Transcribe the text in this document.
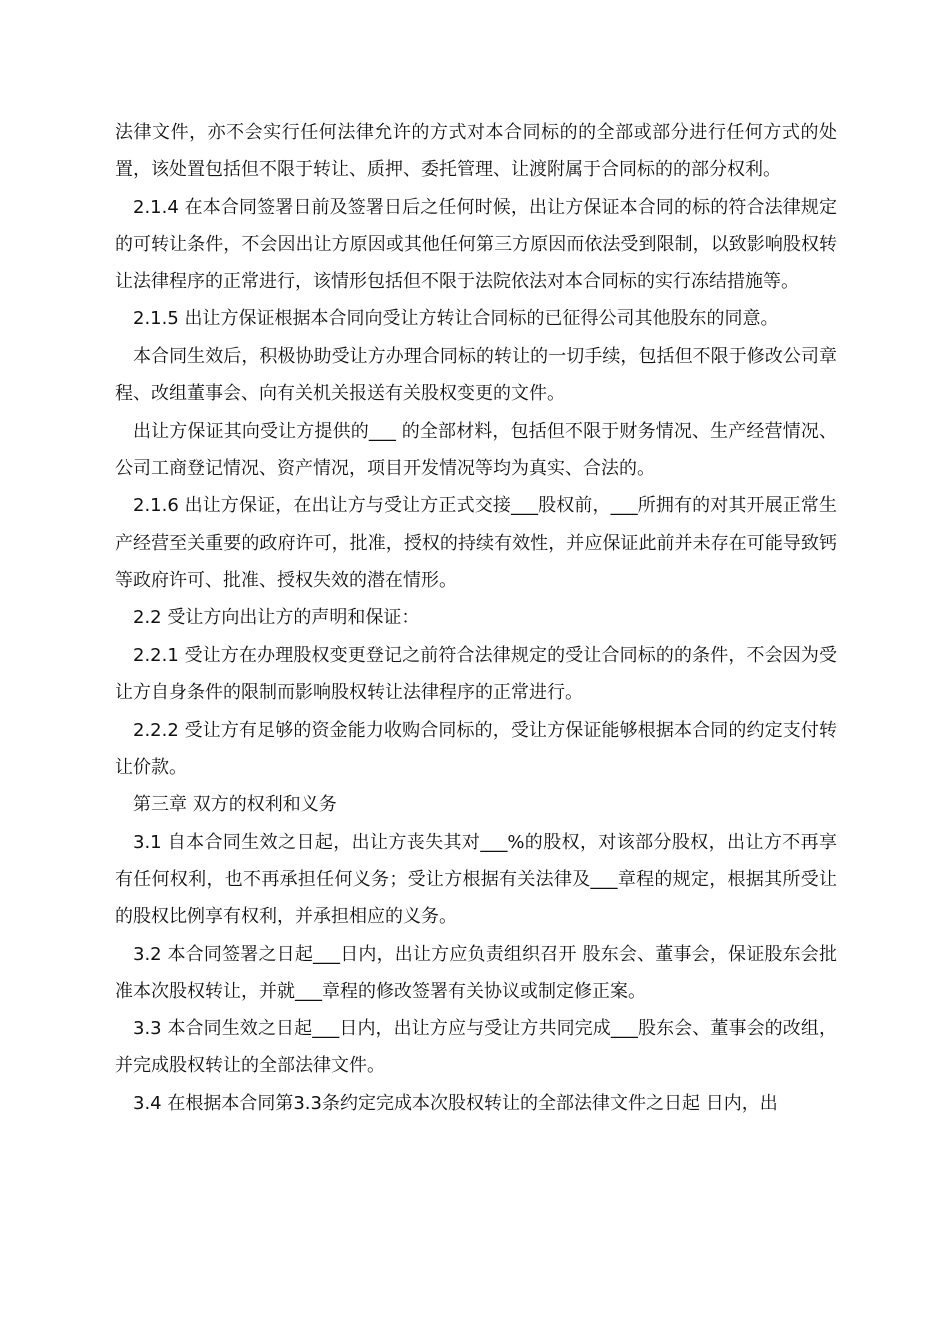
法律文件，亦不会实行任何法律允许的方式对本合同标的的全部或部分进行任何方式的处置，该处置包括但不限于转让、质押、委托管理、让渡附属于合同标的的部分权利。

2.1.4 在本合同签署日前及签署日后之任何时候，出让方保证本合同的标的符合法律规定的可转让条件，不会因出让方原因或其他任何第三方原因而依法受到限制，以致影响股权转让法律程序的正常进行，该情形包括但不限于法院依法对本合同标的实行冻结措施等。

2.1.5 出让方保证根据本合同向受让方转让合同标的已征得公司其他股东的同意。

本合同生效后，积极协助受让方办理合同标的转让的一切手续，包括但不限于修改公司章程、改组董事会、向有关机关报送有关股权变更的文件。

出让方保证其向受让方提供的___ 的全部材料，包括但不限于财务情况、生产经营情况、公司工商登记情况、资产情况，项目开发情况等均为真实、合法的。

2.1.6 出让方保证，在出让方与受让方正式交接___股权前，___所拥有的对其开展正常生产经营至关重要的政府许可，批准，授权的持续有效性，并应保证此前并未存在可能导致钙等政府许可、批准、授权失效的潜在情形。

2.2 受让方向出让方的声明和保证：

2.2.1 受让方在办理股权变更登记之前符合法律规定的受让合同标的的条件，不会因为受让方自身条件的限制而影响股权转让法律程序的正常进行。

2.2.2 受让方有足够的资金能力收购合同标的，受让方保证能够根据本合同的约定支付转让价款。

第三章 双方的权利和义务

3.1 自本合同生效之日起，出让方丧失其对___%的股权，对该部分股权，出让方不再享有任何权利，也不再承担任何义务；受让方根据有关法律及___章程的规定，根据其所受让的股权比例享有权利，并承担相应的义务。

3.2 本合同签署之日起___日内，出让方应负责组织召开 股东会、董事会，保证股东会批准本次股权转让，并就___章程的修改签署有关协议或制定修正案。

3.3 本合同生效之日起___日内，出让方应与受让方共同完成___股东会、董事会的改组，并完成股权转让的全部法律文件。

3.4 在根据本合同第3.3条约定完成本次股权转让的全部法律文件之日起 日内，出
